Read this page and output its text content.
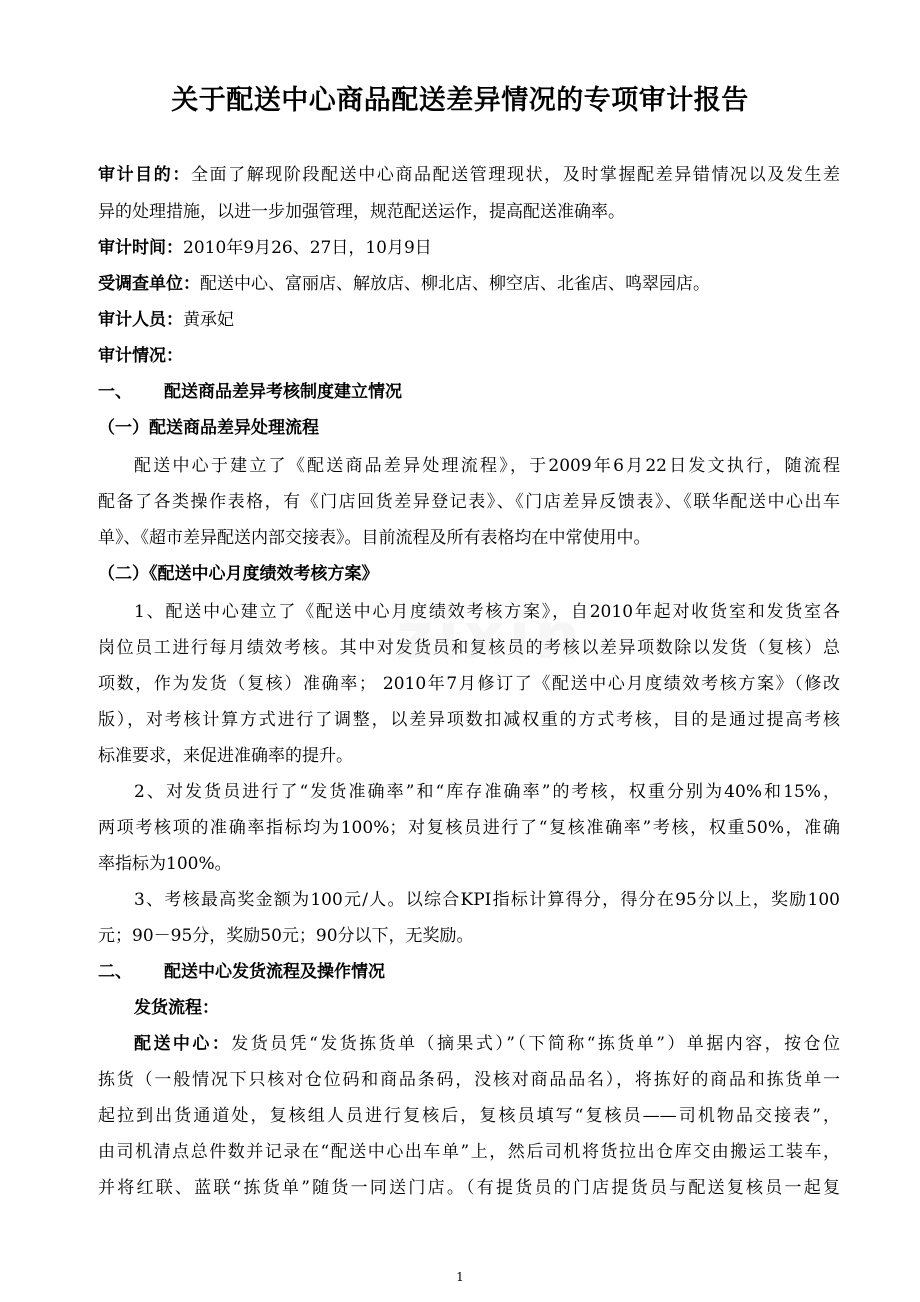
关于配送中心商品配送差异情况的专项审计报告
审计目的：全面了解现阶段配送中心商品配送管理现状，及时掌握配差异错情况以及发生差
异的处理措施，以进一步加强管理，规范配送运作，提高配送准确率。
审计时间：2010年9月26、27日，10月9日
受调查单位：配送中心、富丽店、解放店、柳北店、柳空店、北雀店、鸣翠园店。
审计人员：黄承妃
审计情况：
一、 配送商品差异考核制度建立情况
（一）配送商品差异处理流程
配送中心于建立了《配送商品差异处理流程》，于2009年6月22日发文执行，随流程
配备了各类操作表格，有《门店回货差异登记表》、《门店差异反馈表》、《联华配送中心出车
单》、《超市差异配送内部交接表》。目前流程及所有表格均在中常使用中。
（二）《配送中心月度绩效考核方案》
1、配送中心建立了《配送中心月度绩效考核方案》，自2010年起对收货室和发货室各
岗位员工进行每月绩效考核。其中对发货员和复核员的考核以差异项数除以发货（复核）总
项数，作为发货（复核）准确率； 2010年7月修订了《配送中心月度绩效考核方案》（修改
版），对考核计算方式进行了调整，以差异项数扣减权重的方式考核，目的是通过提高考核
标准要求，来促进准确率的提升。
2、对发货员进行了“发货准确率”和“库存准确率”的考核，权重分别为40%和15%，
两项考核项的准确率指标均为100%；对复核员进行了“复核准确率”考核，权重50%，准确
率指标为100%。
3、考核最高奖金额为100元/人。以综合KPI指标计算得分，得分在95分以上，奖励100
元；90－95分，奖励50元；90分以下，无奖励。
二、 配送中心发货流程及操作情况
发货流程：
配送中心：发货员凭“发货拣货单（摘果式）”（下简称“拣货单”）单据内容，按仓位
拣货（一般情况下只核对仓位码和商品条码，没核对商品品名），将拣好的商品和拣货单一
起拉到出货通道处，复核组人员进行复核后，复核员填写“复核员——司机物品交接表”，
由司机清点总件数并记录在“配送中心出车单”上，然后司机将货拉出仓库交由搬运工装车，
并将红联、蓝联“拣货单”随货一同送门店。（有提货员的门店提货员与配送复核员一起复
zixin
1
